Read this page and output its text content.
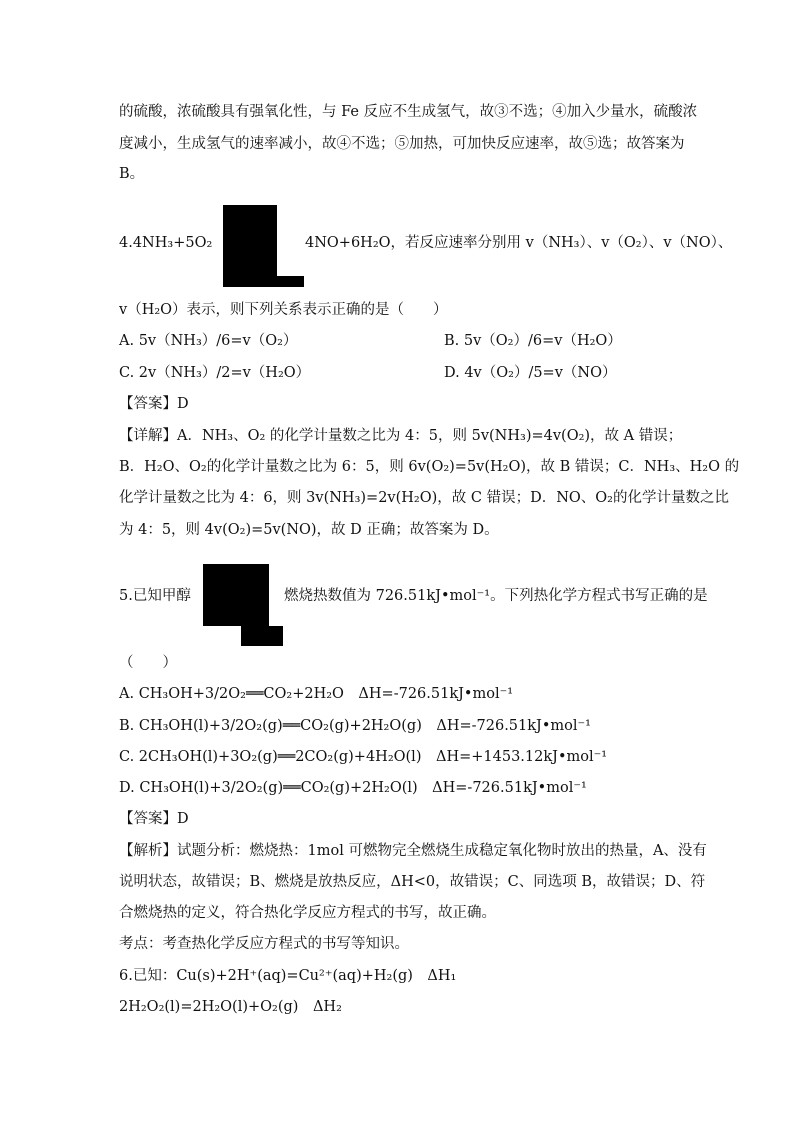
的硫酸，浓硫酸具有强氧化性，与 Fe 反应不生成氢气，故③不选；④加入少量水，硫酸浓
度减小，生成氢气的速率减小，故④不选；⑤加热，可加快反应速率，故⑤选；故答案为
B。
4.4NH₃+5O₂	4NO+6H₂O，若反应速率分别用 v（NH₃）、v（O₂）、v（NO）、
v（H₂O）表示，则下列关系表示正确的是（　　）
A. 5v（NH₃）/6=v（O₂）	B. 5v（O₂）/6=v（H₂O）
C. 2v（NH₃）/2=v（H₂O）	D. 4v（O₂）/5=v（NO）
【答案】D
【详解】A．NH₃、O₂ 的化学计量数之比为 4：5，则 5v(NH₃)=4v(O₂)，故 A 错误；
B．H₂O、O₂的化学计量数之比为 6：5，则 6v(O₂)=5v(H₂O)，故 B 错误；C．NH₃、H₂O 的
化学计量数之比为 4：6，则 3v(NH₃)=2v(H₂O)，故 C 错误；D．NO、O₂的化学计量数之比
为 4：5，则 4v(O₂)=5v(NO)，故 D 正确；故答案为 D。
5.已知甲醇	燃烧热数值为 726.51kJ•mol⁻¹。下列热化学方程式书写正确的是
（　　）
A. CH₃OH+3/2O₂══CO₂+2H₂O　ΔH=-726.51kJ•mol⁻¹
B. CH₃OH(l)+3/2O₂(g)══CO₂(g)+2H₂O(g)　ΔH=-726.51kJ•mol⁻¹
C. 2CH₃OH(l)+3O₂(g)══2CO₂(g)+4H₂O(l)　ΔH=+1453.12kJ•mol⁻¹
D. CH₃OH(l)+3/2O₂(g)══CO₂(g)+2H₂O(l)　ΔH=-726.51kJ•mol⁻¹
【答案】D
【解析】试题分析：燃烧热：1mol 可燃物完全燃烧生成稳定氧化物时放出的热量，A、没有
说明状态，故错误；B、燃烧是放热反应，ΔH<0，故错误；C、同选项 B，故错误；D、符
合燃烧热的定义，符合热化学反应方程式的书写，故正确。
考点：考查热化学反应方程式的书写等知识。
6.已知：Cu(s)+2H⁺(aq)=Cu²⁺(aq)+H₂(g)　ΔH₁
2H₂O₂(l)=2H₂O(l)+O₂(g)　ΔH₂
